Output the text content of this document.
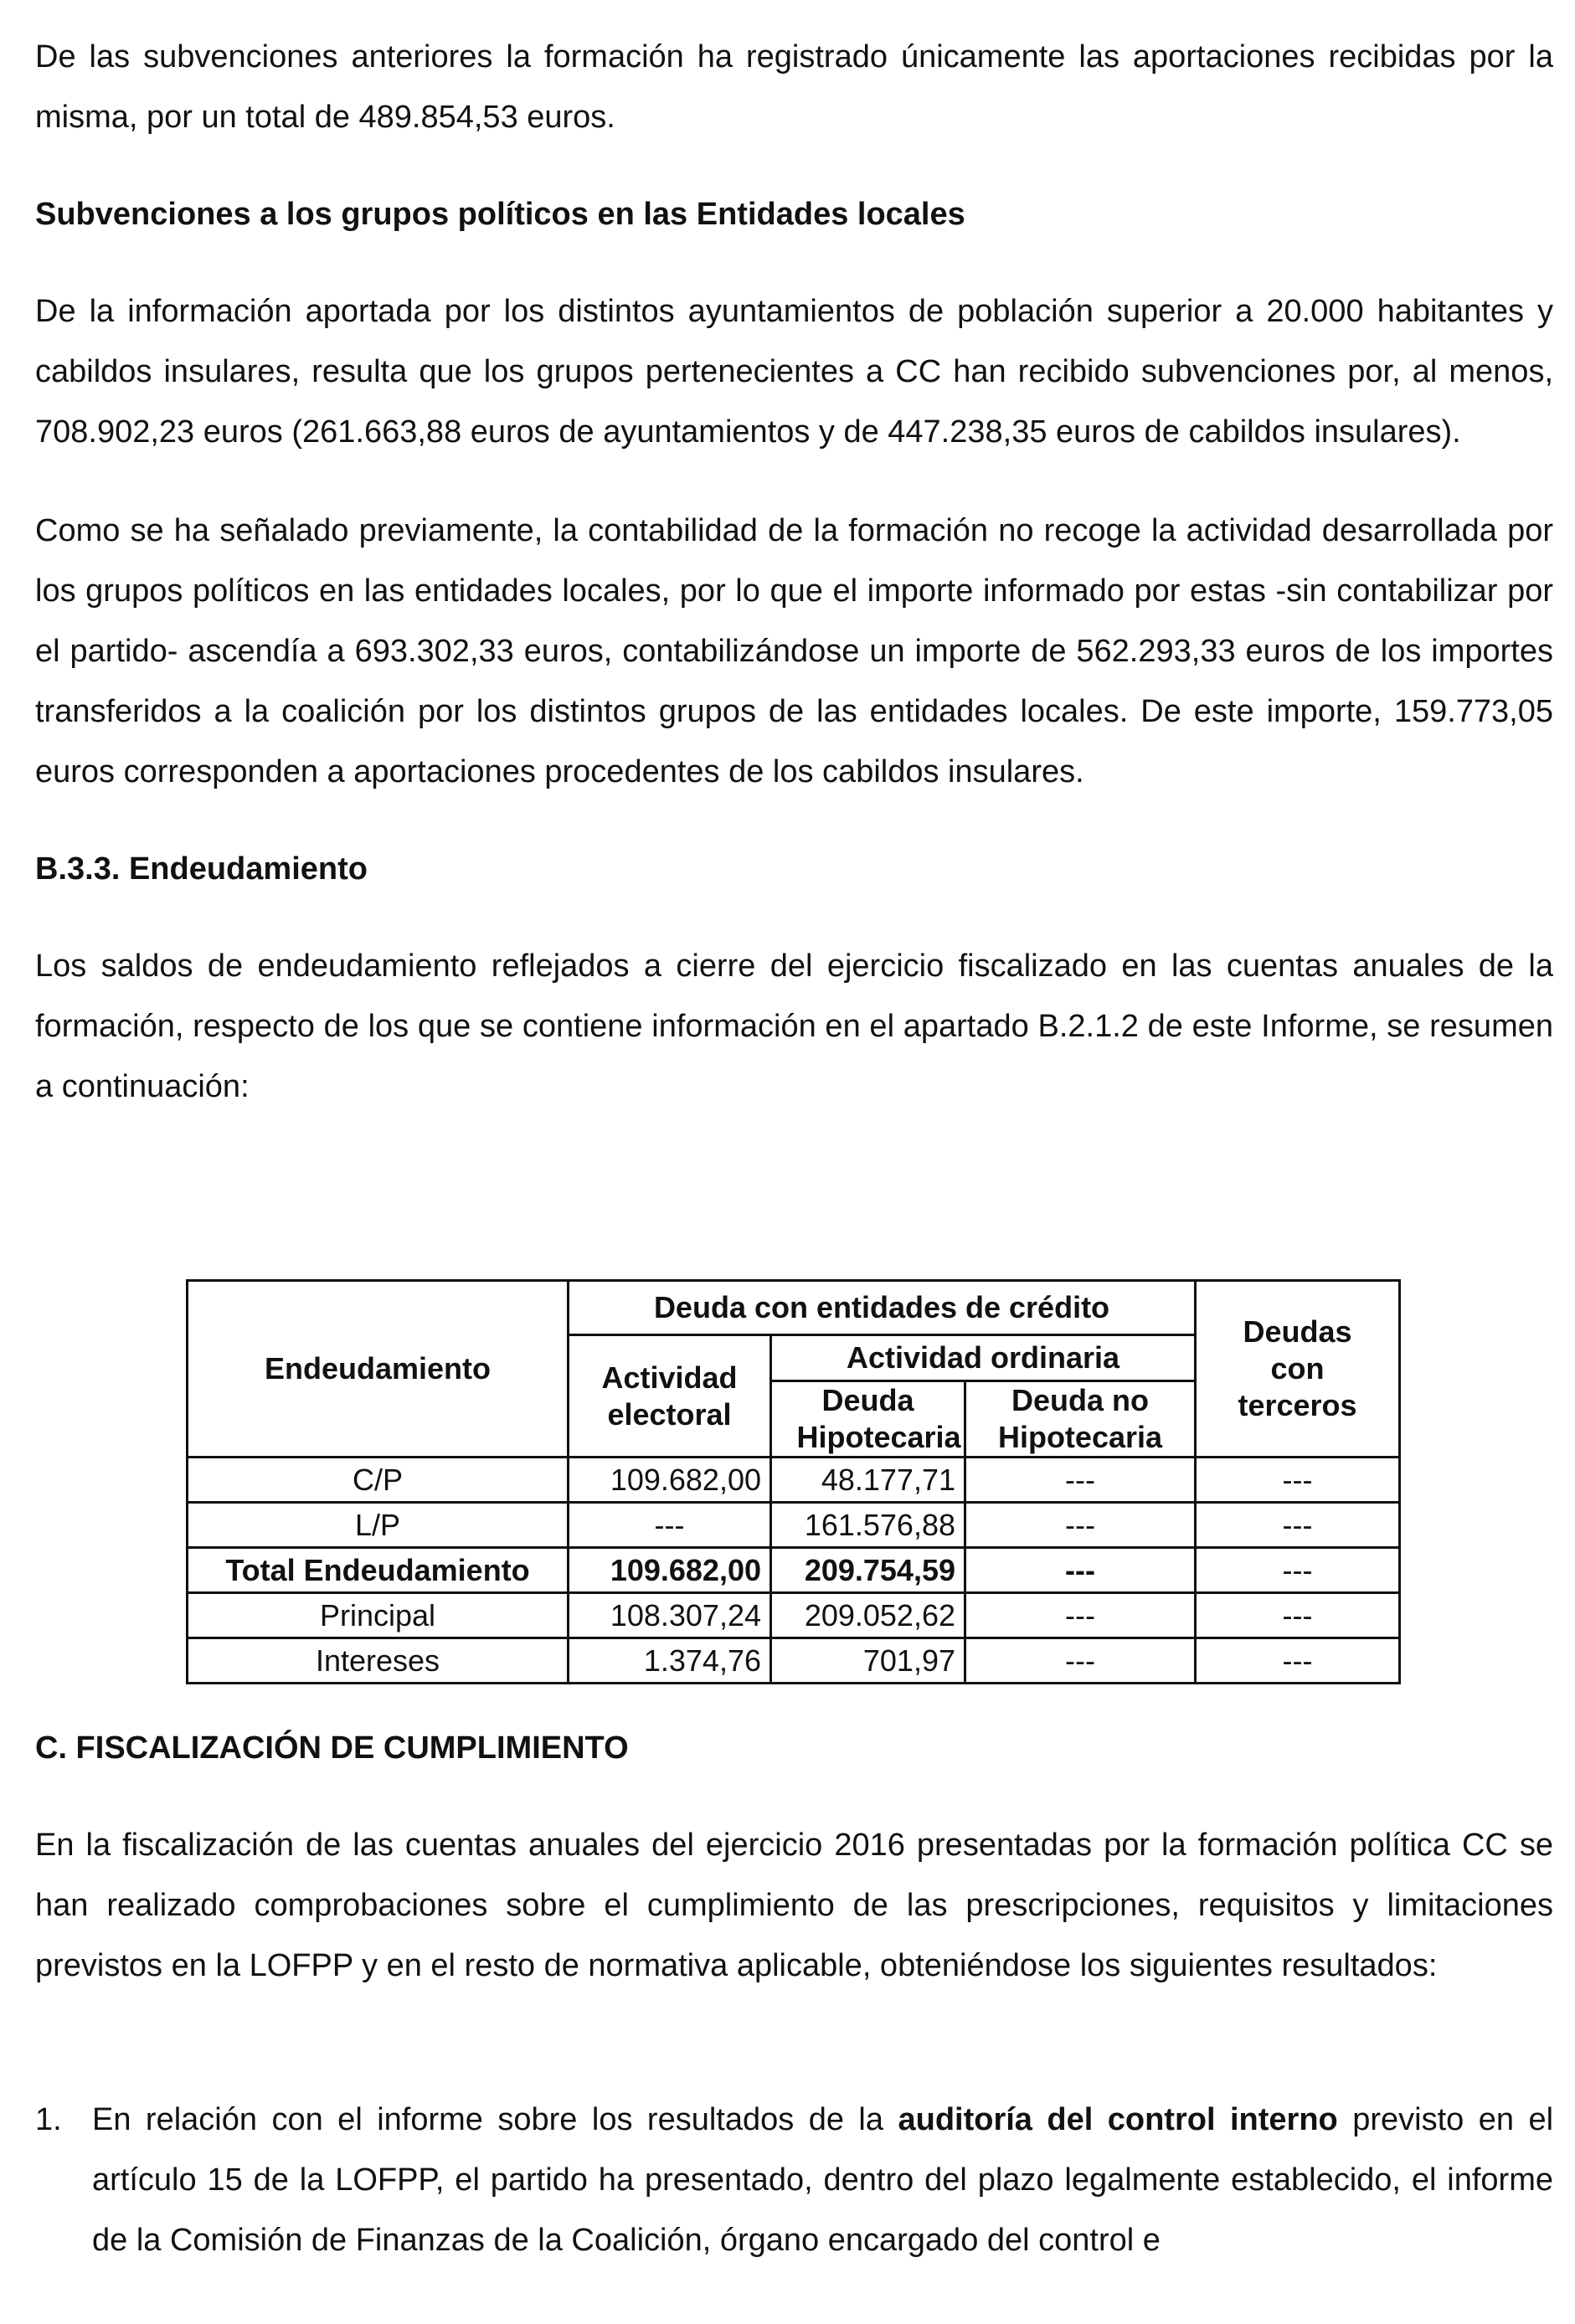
De las subvenciones anteriores la formación ha registrado únicamente las aportaciones recibidas por la misma, por un total de 489.854,53 euros.

Subvenciones a los grupos políticos en las Entidades locales

De la información aportada por los distintos ayuntamientos de población superior a 20.000 habitantes y cabildos insulares, resulta que los grupos pertenecientes a CC han recibido subvenciones por, al menos, 708.902,23 euros (261.663,88 euros de ayuntamientos y de 447.238,35 euros de cabildos insulares).

Como se ha señalado previamente, la contabilidad de la formación no recoge la actividad desarrollada por los grupos políticos en las entidades locales, por lo que el importe informado por estas -sin contabilizar por el partido- ascendía a 693.302,33 euros, contabilizándose un importe de 562.293,33 euros de los importes transferidos a la coalición por los distintos grupos de las entidades locales. De este importe, 159.773,05 euros corresponden a aportaciones procedentes de los cabildos insulares.

B.3.3. Endeudamiento

Los saldos de endeudamiento reflejados a cierre del ejercicio fiscalizado en las cuentas anuales de la formación, respecto de los que se contiene información en el apartado B.2.1.2 de este Informe, se resumen a continuación:

Endeudamiento	Deuda con entidades de crédito			Deudas con terceros

	Actividad electoral	Actividad ordinaria		

		Deuda Hipotecaria	Deuda no Hipotecaria	

C/P	109.682,00	48.177,71	---	---
L/P	---	161.576,88	---	---
Total Endeudamiento	109.682,00	209.754,59	---	---
Principal	108.307,24	209.052,62	---	---
Intereses	1.374,76	701,97	---	---

C. FISCALIZACIÓN DE CUMPLIMIENTO

En la fiscalización de las cuentas anuales del ejercicio 2016 presentadas por la formación política CC se han realizado comprobaciones sobre el cumplimiento de las prescripciones, requisitos y limitaciones previstos en la LOFPP y en el resto de normativa aplicable, obteniéndose los siguientes resultados:

1. En relación con el informe sobre los resultados de la auditoría del control interno previsto en el artículo 15 de la LOFPP, el partido ha presentado, dentro del plazo legalmente establecido, el informe de la Comisión de Finanzas de la Coalición, órgano encargado del control e
